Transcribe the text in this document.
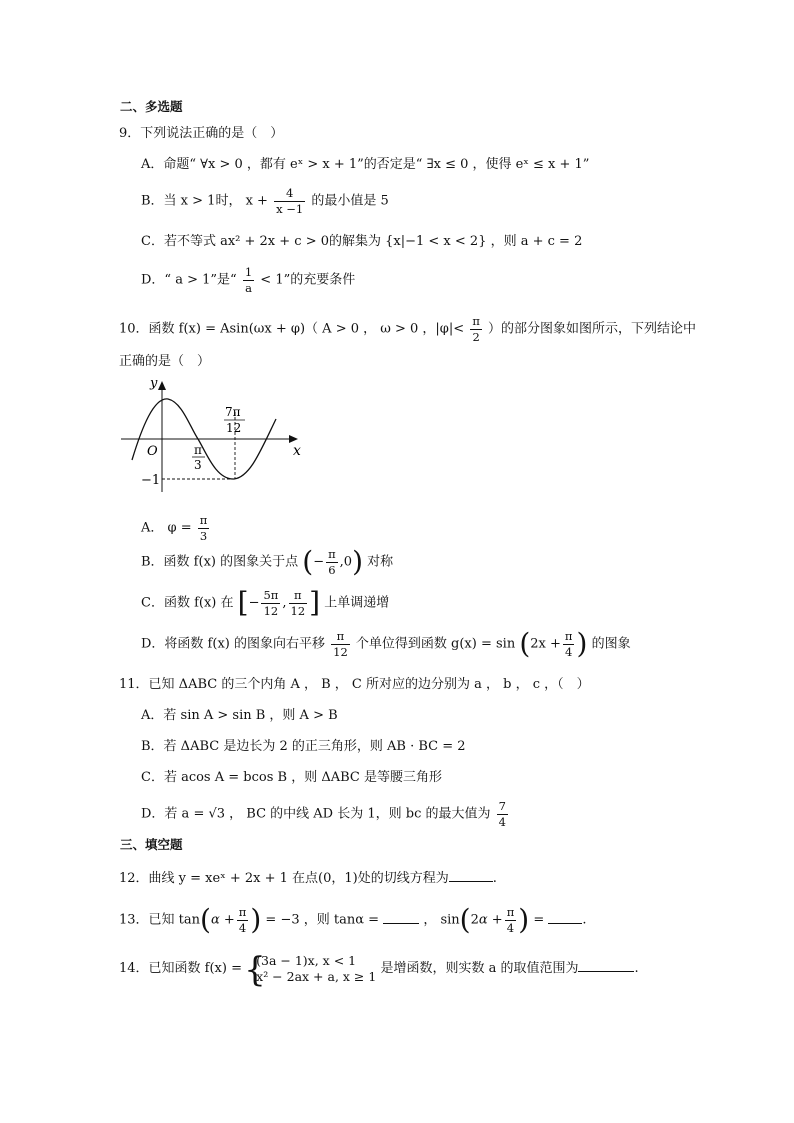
二、多选题
9．下列说法正确的是（　）
A．命题“ ∀x > 0 ，都有 eˣ > x + 1”的否定是“ ∃x ≤ 0 ，使得 eˣ ≤ x + 1”
B．当 x > 1时， $x + \frac{4}{x -1}$ 的最小值是 5
C．若不等式 ax² + 2x + c > 0的解集为 {x|−1 < x < 2} ，则 a + c = 2
D．“ a > 1”是“ $\frac{1}{a} < 1$”的充要条件
10．函数 f(x) = Asin(ωx + φ)（ A > 0 ， ω > 0 ，$|\varphi|< \frac{\pi}{2}$ ）的部分图象如图所示，下列结论中
正确的是（　）
y
x
O
−1
π
3
7π
12
A． $\varphi = \frac{\pi}{3}$
B．函数 f(x) 的图象关于点 (− $\frac{\pi}{6} ,0$) 对称
C．函数 f(x) 在 [− $\frac{5\pi}{12}$ , $\frac{\pi}{12}$ ] 上单调递增
D．将函数 f(x) 的图象向右平移 $\frac{\pi}{12}$ 个单位得到函数 $g(x) = \sin (2x + \frac{\pi}{4}$ ) 的图象
11．已知 ΔABC 的三个内角 A ， B ， C 所对应的边分别为 a ， b ， c ，（　）
A．若 sin A > sin B ，则 A > B
B．若 ΔABC 是边长为 2 的正三角形，则 AB · BC = 2
C．若 acos A = bcos B ，则 ΔABC 是等腰三角形
D．若 a = √3 ， BC 的中线 AD 长为 1，则 bc 的最大值为 $\frac{7}{4}$
三、填空题
12．曲线 y = xeˣ + 2x + 1 在点(0，1)处的切线方程为	.
13．已知 $\tan(\alpha + \frac{\pi}{4}$ ) = −3 ，则 tanα =	， $\sin(2\alpha + \frac{\pi}{4}$ ) =	.
14．已知函数 f(x) =
{ (3a − 1)x, x < 1
x² − 2ax + a, x ≥ 1 是增函数，则实数 a 的取值范围为	.
